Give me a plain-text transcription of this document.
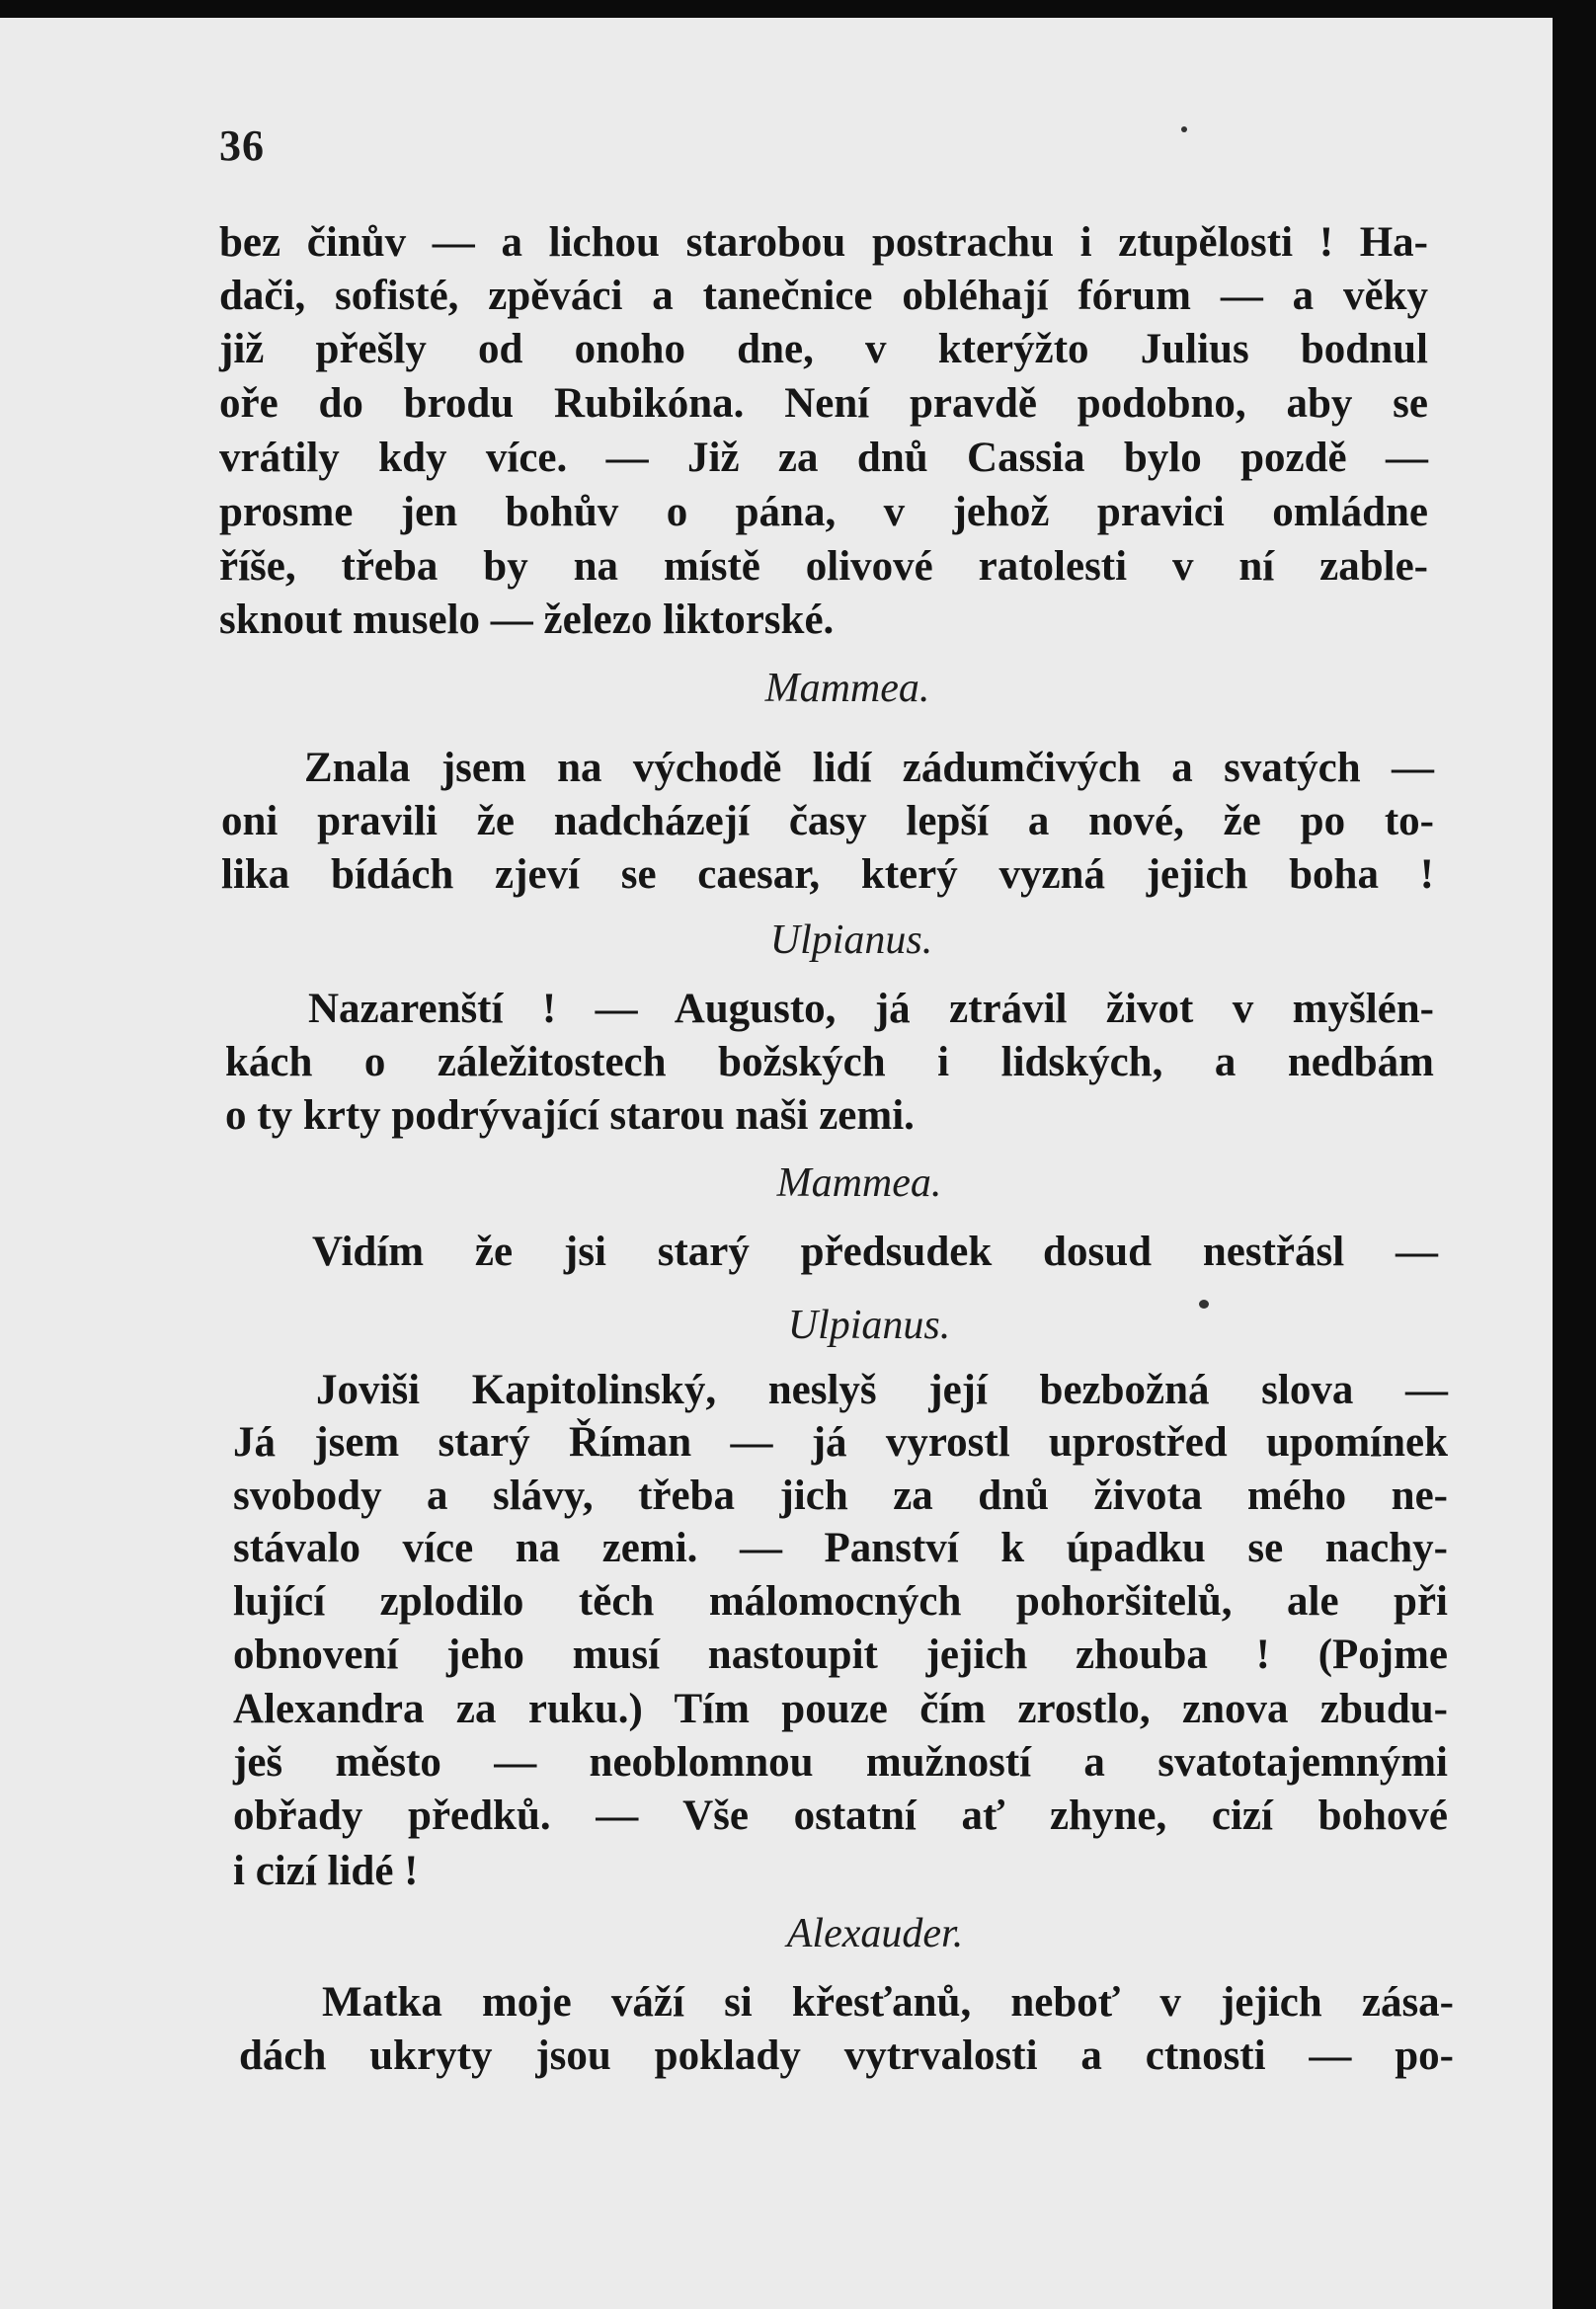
36
bez činův — a lichou starobou postrachu i ztupělosti ! Ha-
dači, sofisté, zpěváci a tanečnice obléhají fórum — a věky
již přešly od onoho dne, v kterýžto Julius bodnul
oře do brodu Rubikóna. Není pravdě podobno, aby se
vrátily kdy více. — Již za dnů Cassia bylo pozdě —
prosme jen bohův o pána, v jehož pravici omládne
říše, třeba by na místě olivové ratolesti v ní zable-
sknout muselo — železo liktorské.
Mammea.
Znala jsem na východě lidí zádumčivých a svatých —
oni pravili že nadcházejí časy lepší a nové, že po to-
lika bídách zjeví se caesar, který vyzná jejich boha !
Ulpianus.
Nazarenští ! — Augusto, já ztrávil život v myšlén-
kách o záležitostech božských i lidských, a nedbám
o ty krty podrývající starou naši zemi.
Mammea.
Vidím že jsi starý předsudek dosud nestřásl —
Ulpianus.
Joviši Kapitolinský, neslyš její bezbožná slova —
Já jsem starý Říman — já vyrostl uprostřed upomínek
svobody a slávy, třeba jich za dnů života mého ne-
stávalo více na zemi. — Panství k úpadku se nachy-
lující zplodilo těch málomocných pohoršitelů, ale při
obnovení jeho musí nastoupit jejich zhouba ! (Pojme
Alexandra za ruku.) Tím pouze čím zrostlo, znova zbudu-
ješ město — neoblomnou mužností a svatotajemnými
obřady předků. — Vše ostatní ať zhyne, cizí bohové
i cizí lidé !
Alexauder.
Matka moje váží si křesťanů, neboť v jejich zása-
dách ukryty jsou poklady vytrvalosti a ctnosti — po-
